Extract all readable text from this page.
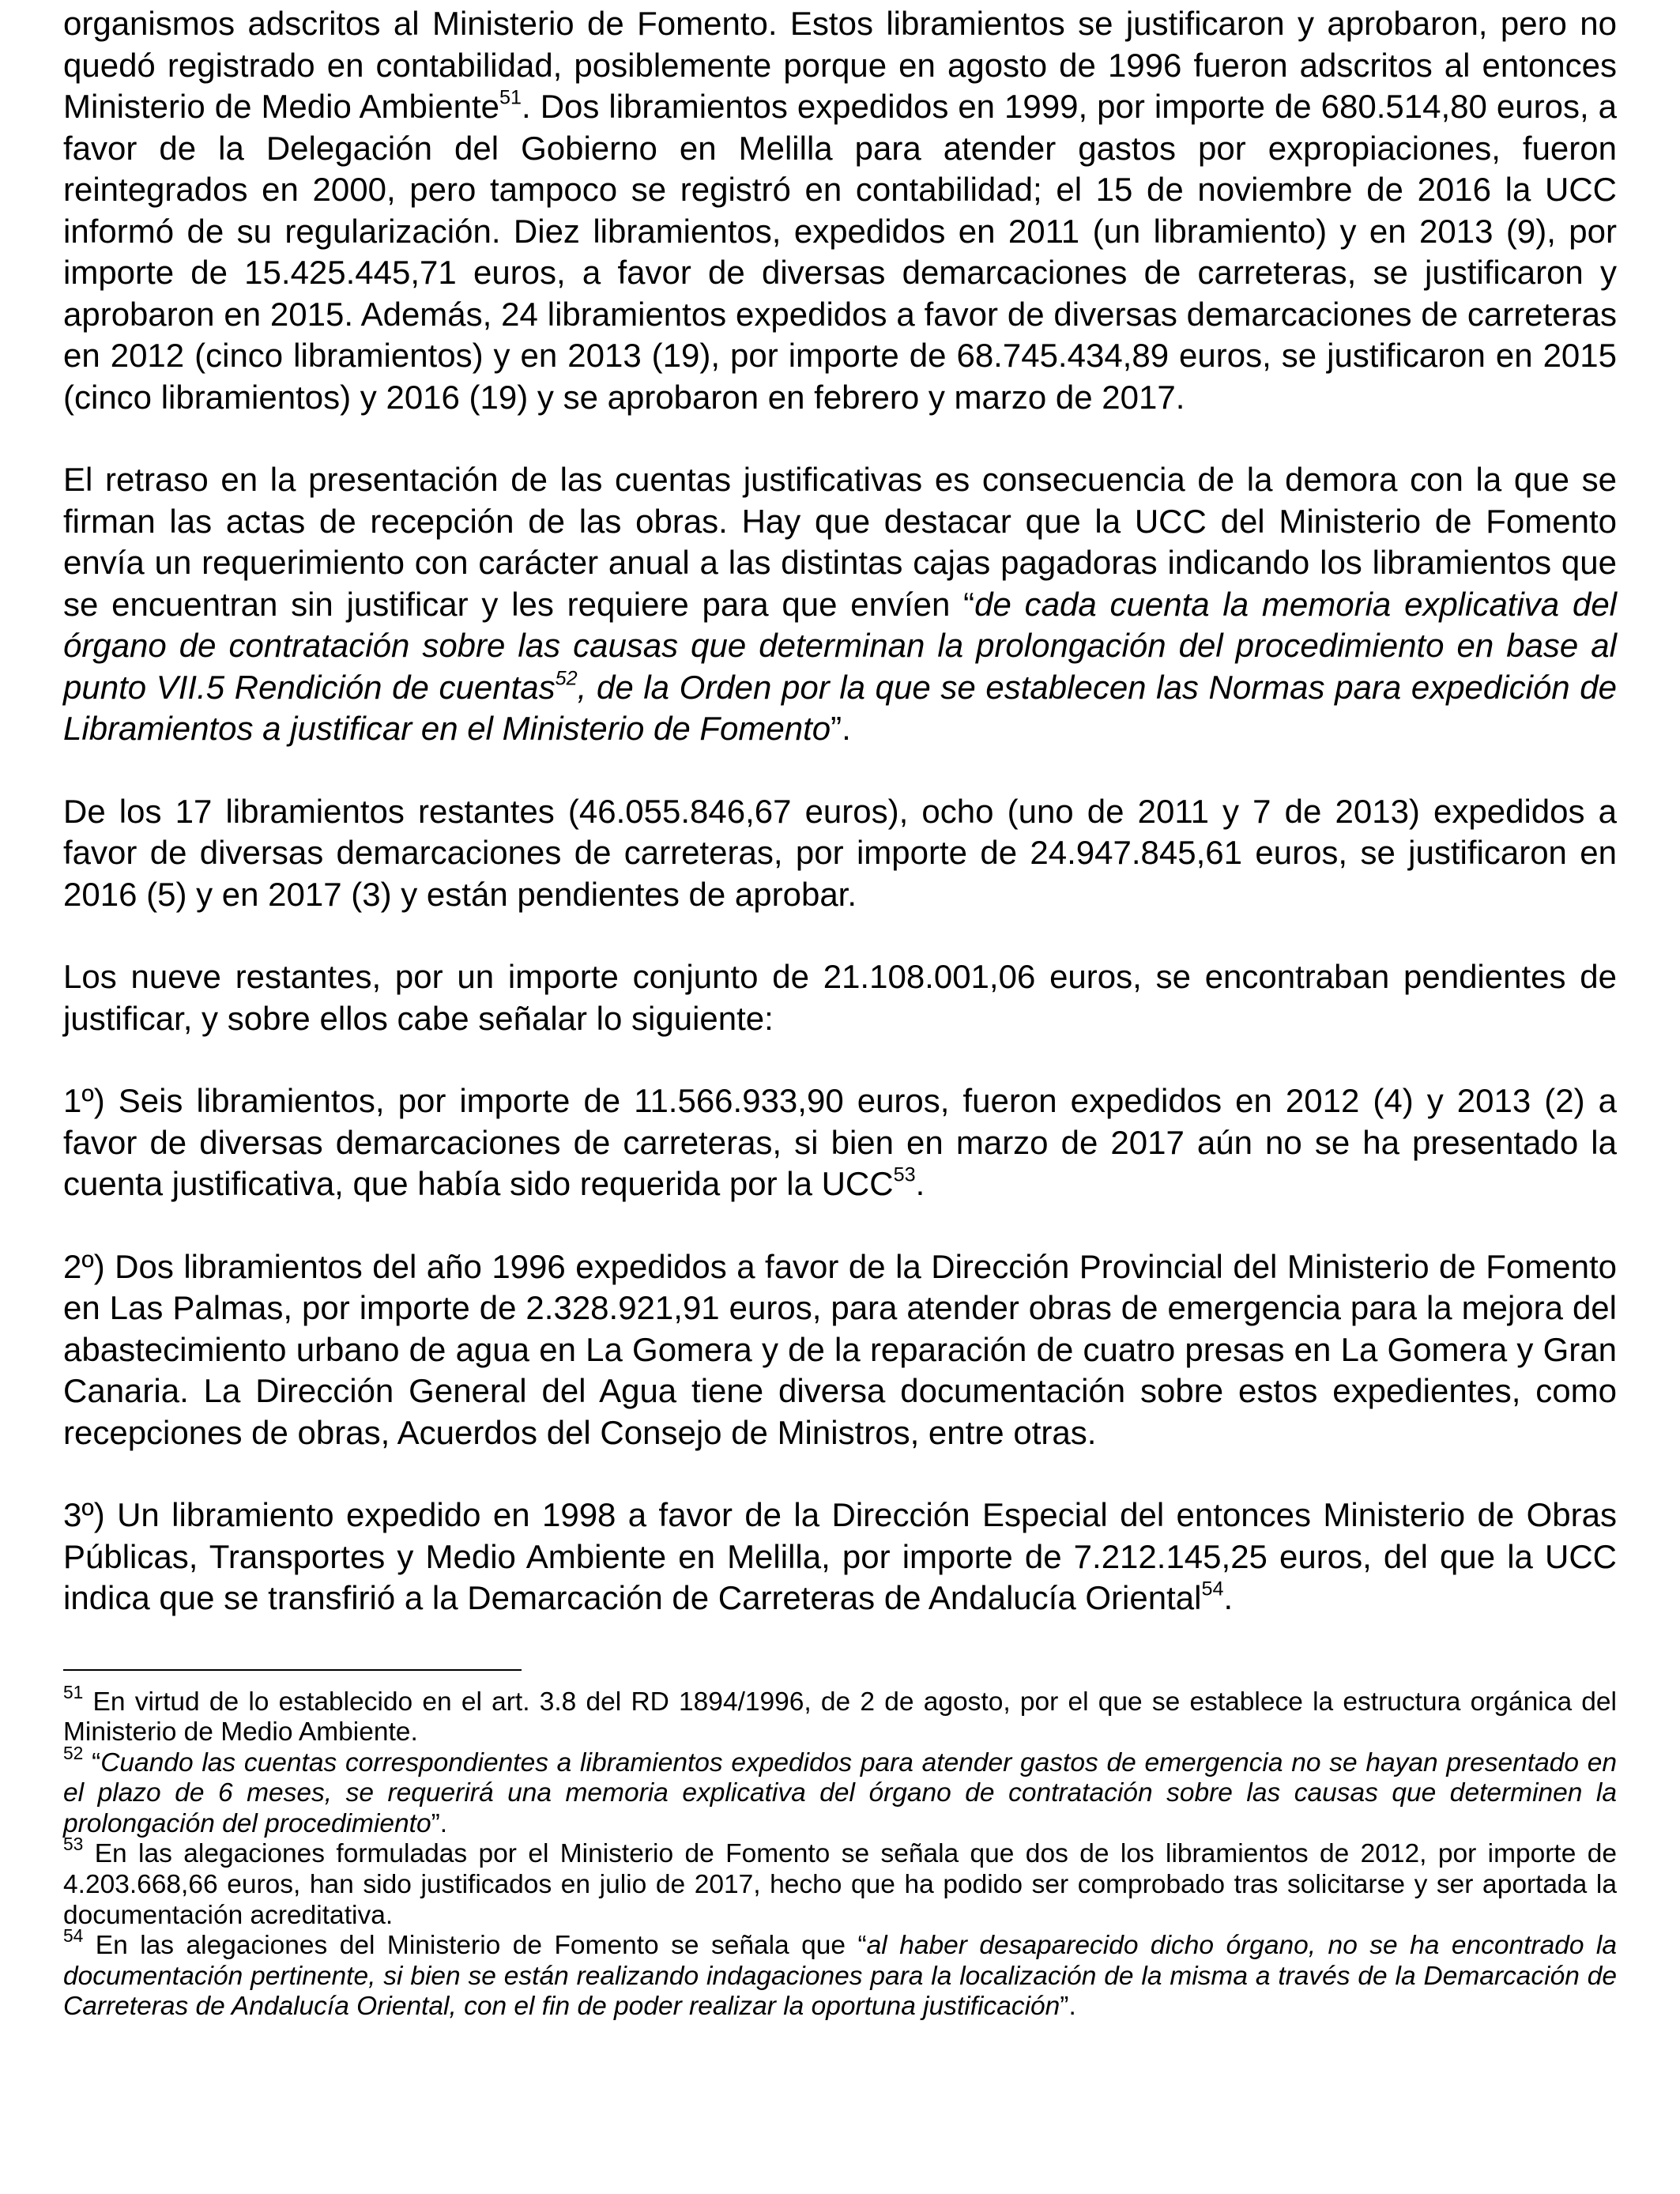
organismos adscritos al Ministerio de Fomento. Estos libramientos se justificaron y aprobaron, pero no quedó registrado en contabilidad, posiblemente porque en agosto de 1996 fueron adscritos al entonces Ministerio de Medio Ambiente$^{51}$. Dos libramientos expedidos en 1999, por importe de 680.514,80 euros, a favor de la Delegación del Gobierno en Melilla para atender gastos por expropiaciones, fueron reintegrados en 2000, pero tampoco se registró en contabilidad; el 15 de noviembre de 2016 la UCC informó de su regularización. Diez libramientos, expedidos en 2011 (un libramiento) y en 2013 (9), por importe de 15.425.445,71 euros, a favor de diversas demarcaciones de carreteras, se justificaron y aprobaron en 2015. Además, 24 libramientos expedidos a favor de diversas demarcaciones de carreteras en 2012 (cinco libramientos) y en 2013 (19), por importe de 68.745.434,89 euros, se justificaron en 2015 (cinco libramientos) y 2016 (19) y se aprobaron en febrero y marzo de 2017.

El retraso en la presentación de las cuentas justificativas es consecuencia de la demora con la que se firman las actas de recepción de las obras. Hay que destacar que la UCC del Ministerio de Fomento envía un requerimiento con carácter anual a las distintas cajas pagadoras indicando los libramientos que se encuentran sin justificar y les requiere para que envíen “de cada cuenta la memoria explicativa del órgano de contratación sobre las causas que determinan la prolongación del procedimiento en base al punto VII.5 Rendición de cuentas$^{52}$, de la Orden por la que se establecen las Normas para expedición de Libramientos a justificar en el Ministerio de Fomento”.

De los 17 libramientos restantes (46.055.846,67 euros), ocho (uno de 2011 y 7 de 2013) expedidos a favor de diversas demarcaciones de carreteras, por importe de 24.947.845,61 euros, se justificaron en 2016 (5) y en 2017 (3) y están pendientes de aprobar.

Los nueve restantes, por un importe conjunto de 21.108.001,06 euros, se encontraban pendientes de justificar, y sobre ellos cabe señalar lo siguiente:

1º) Seis libramientos, por importe de 11.566.933,90 euros, fueron expedidos en 2012 (4) y 2013 (2) a favor de diversas demarcaciones de carreteras, si bien en marzo de 2017 aún no se ha presentado la cuenta justificativa, que había sido requerida por la UCC$^{53}$.

2º) Dos libramientos del año 1996 expedidos a favor de la Dirección Provincial del Ministerio de Fomento en Las Palmas, por importe de 2.328.921,91 euros, para atender obras de emergencia para la mejora del abastecimiento urbano de agua en La Gomera y de la reparación de cuatro presas en La Gomera y Gran Canaria. La Dirección General del Agua tiene diversa documentación sobre estos expedientes, como recepciones de obras, Acuerdos del Consejo de Ministros, entre otras.

3º) Un libramiento expedido en 1998 a favor de la Dirección Especial del entonces Ministerio de Obras Públicas, Transportes y Medio Ambiente en Melilla, por importe de 7.212.145,25 euros, del que la UCC indica que se transfirió a la Demarcación de Carreteras de Andalucía Oriental$^{54}$.

$^{51}$ En virtud de lo establecido en el art. 3.8 del RD 1894/1996, de 2 de agosto, por el que se establece la estructura orgánica del Ministerio de Medio Ambiente.

$^{52}$ “Cuando las cuentas correspondientes a libramientos expedidos para atender gastos de emergencia no se hayan presentado en el plazo de 6 meses, se requerirá una memoria explicativa del órgano de contratación sobre las causas que determinen la prolongación del procedimiento”.

$^{53}$ En las alegaciones formuladas por el Ministerio de Fomento se señala que dos de los libramientos de 2012, por importe de 4.203.668,66 euros, han sido justificados en julio de 2017, hecho que ha podido ser comprobado tras solicitarse y ser aportada la documentación acreditativa.

$^{54}$ En las alegaciones del Ministerio de Fomento se señala que “al haber desaparecido dicho órgano, no se ha encontrado la documentación pertinente, si bien se están realizando indagaciones para la localización de la misma a través de la Demarcación de Carreteras de Andalucía Oriental, con el fin de poder realizar la oportuna justificación”.
